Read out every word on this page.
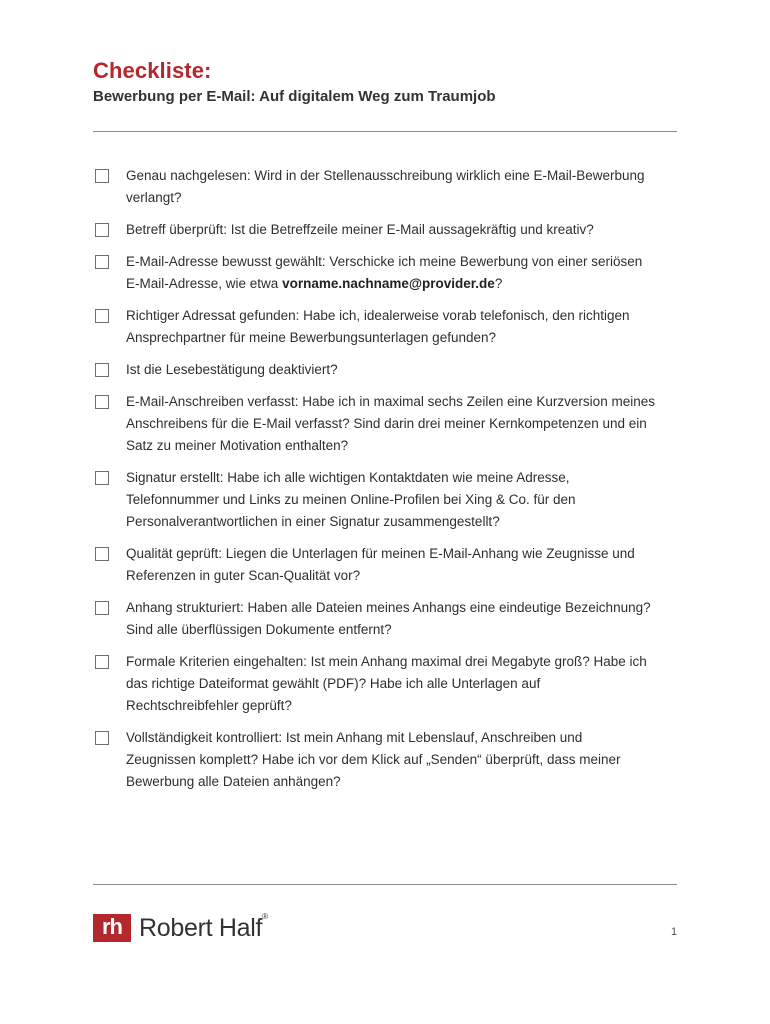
Checkliste:
Bewerbung per E-Mail: Auf digitalem Weg zum Traumjob
Genau nachgelesen: Wird in der Stellenausschreibung wirklich eine E-Mail-Bewerbung verlangt?
Betreff überprüft: Ist die Betreffzeile meiner E-Mail aussagekräftig und kreativ?
E-Mail-Adresse bewusst gewählt: Verschicke ich meine Bewerbung von einer seriösen E-Mail-Adresse, wie etwa vorname.nachname@provider.de?
Richtiger Adressat gefunden: Habe ich, idealerweise vorab telefonisch, den richtigen Ansprechpartner für meine Bewerbungsunterlagen gefunden?
Ist die Lesebestätigung deaktiviert?
E-Mail-Anschreiben verfasst: Habe ich in maximal sechs Zeilen eine Kurzversion meines Anschreibens für die E-Mail verfasst? Sind darin drei meiner Kernkompetenzen und ein Satz zu meiner Motivation enthalten?
Signatur erstellt: Habe ich alle wichtigen Kontaktdaten wie meine Adresse, Telefonnummer und Links zu meinen Online-Profilen bei Xing & Co. für den Personalverantwortlichen in einer Signatur zusammengestellt?
Qualität geprüft: Liegen die Unterlagen für meinen E-Mail-Anhang wie Zeugnisse und Referenzen in guter Scan-Qualität vor?
Anhang strukturiert: Haben alle Dateien meines Anhangs eine eindeutige Bezeichnung? Sind alle überflüssigen Dokumente entfernt?
Formale Kriterien eingehalten: Ist mein Anhang maximal drei Megabyte groß? Habe ich das richtige Dateiformat gewählt (PDF)? Habe ich alle Unterlagen auf Rechtschreibfehler geprüft?
Vollständigkeit kontrolliert: Ist mein Anhang mit Lebenslauf, Anschreiben und Zeugnissen komplett? Habe ich vor dem Klick auf „Senden“ überprüft, dass meiner Bewerbung alle Dateien anhängen?
rh Robert Half®
1
